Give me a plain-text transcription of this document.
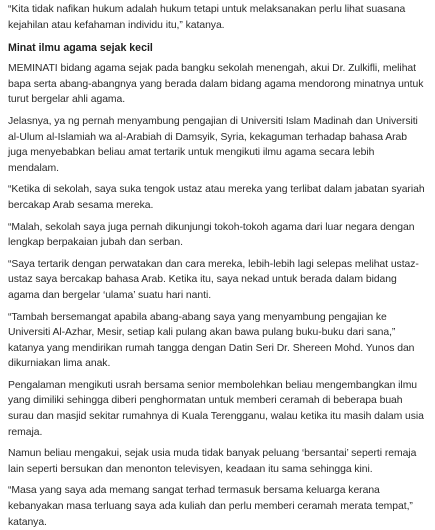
“Kita tidak nafikan hukum adalah hukum tetapi untuk melaksanakan perlu lihat suasana kejahilan atau kefahaman individu itu,” katanya.

Minat ilmu agama sejak kecil

MEMINATI bidang agama sejak pada bangku sekolah menengah, akui Dr. Zulkifli, melihat bapa serta abang-abangnya yang berada dalam bidang agama mendorong minatnya untuk turut bergelar ahli agama.

Jelasnya, ya ng pernah menyambung pengajian di Universiti Islam Madinah dan Universiti al-Ulum al-Islamiah wa al-Arabiah di Damsyik, Syria, kekaguman terhadap bahasa Arab juga menyebabkan beliau amat tertarik untuk mengikuti ilmu agama secara lebih mendalam.

“Ketika di sekolah, saya suka tengok ustaz atau mereka yang terlibat dalam jabatan syariah bercakap Arab sesama mereka.

“Malah, sekolah saya juga pernah dikunjungi tokoh-tokoh agama dari luar negara dengan lengkap berpakaian jubah dan serban.

“Saya tertarik dengan perwatakan dan cara mereka, lebih-lebih lagi selepas melihat ustaz-ustaz saya bercakap bahasa Arab. Ketika itu, saya nekad untuk berada dalam bidang agama dan bergelar ‘ulama’ suatu hari nanti.

“Tambah bersemangat apabila abang-abang saya yang menyambung pengajian ke Universiti Al-Azhar, Mesir, setiap kali pulang akan bawa pulang buku-buku dari sana,” katanya yang mendirikan rumah tangga dengan Datin Seri Dr. Shereen Mohd. Yunos dan dikurniakan lima anak.

Pengalaman mengikuti usrah bersama senior membolehkan beliau mengembangkan ilmu yang dimiliki sehingga diberi penghormatan untuk memberi ceramah di beberapa buah surau dan masjid sekitar rumahnya di Kuala Terengganu, walau ketika itu masih dalam usia remaja.

Namun beliau mengakui, sejak usia muda tidak banyak peluang ‘bersantai’ seperti remaja lain seperti bersukan dan menonton televisyen, keadaan itu sama sehingga kini.

“Masa yang saya ada memang sangat terhad termasuk bersama keluarga kerana kebanyakan masa terluang saya ada kuliah dan perlu memberi ceramah merata tempat,” katanya.
